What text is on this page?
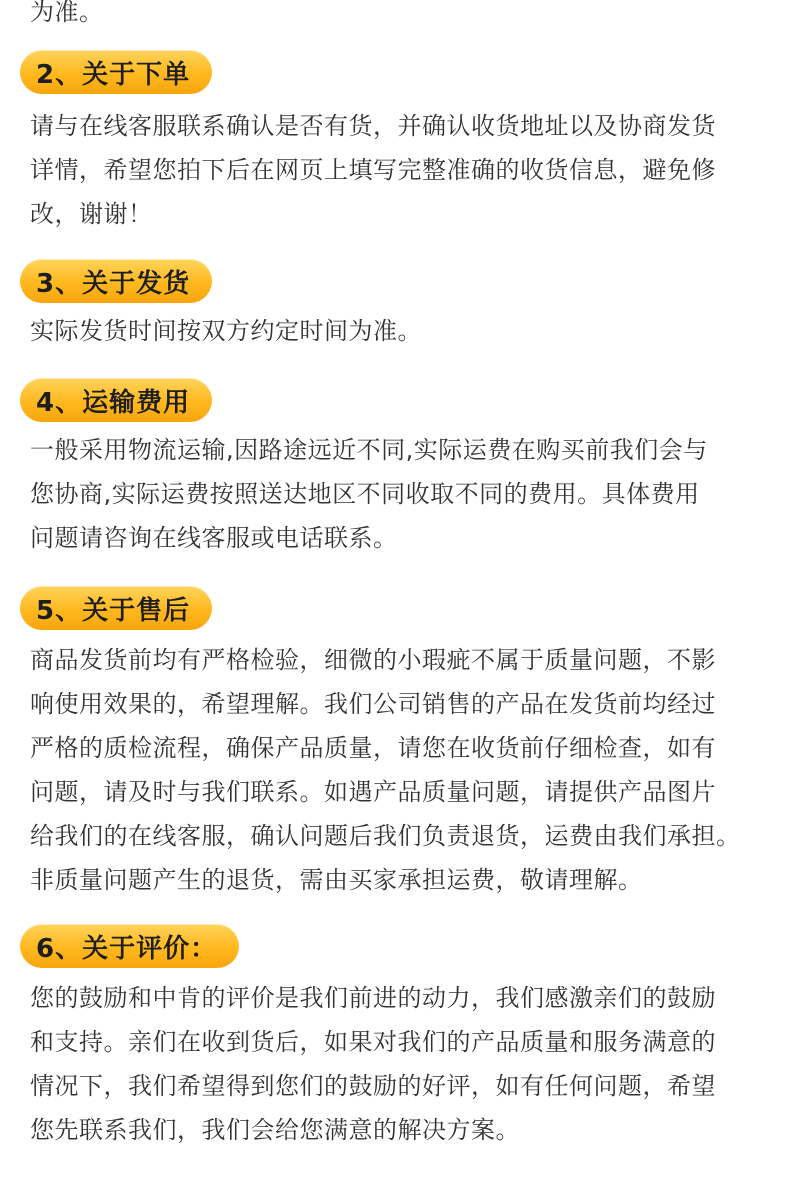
为准。
2、关于下单
请与在线客服联系确认是否有货，并确认收货地址以及协商发货
详情，希望您拍下后在网页上填写完整准确的收货信息，避免修
改，谢谢！
3、关于发货
实际发货时间按双方约定时间为准。
4、运输费用
一般采用物流运输,因路途远近不同,实际运费在购买前我们会与
您协商,实际运费按照送达地区不同收取不同的费用。具体费用
问题请咨询在线客服或电话联系。
5、关于售后
商品发货前均有严格检验，细微的小瑕疵不属于质量问题，不影
响使用效果的，希望理解。我们公司销售的产品在发货前均经过
严格的质检流程，确保产品质量，请您在收货前仔细检查，如有
问题，请及时与我们联系。如遇产品质量问题，请提供产品图片
给我们的在线客服，确认问题后我们负责退货，运费由我们承担。
非质量问题产生的退货，需由买家承担运费，敬请理解。
6、关于评价：
您的鼓励和中肯的评价是我们前进的动力，我们感激亲们的鼓励
和支持。亲们在收到货后，如果对我们的产品质量和服务满意的
情况下，我们希望得到您们的鼓励的好评，如有任何问题，希望
您先联系我们，我们会给您满意的解决方案。
